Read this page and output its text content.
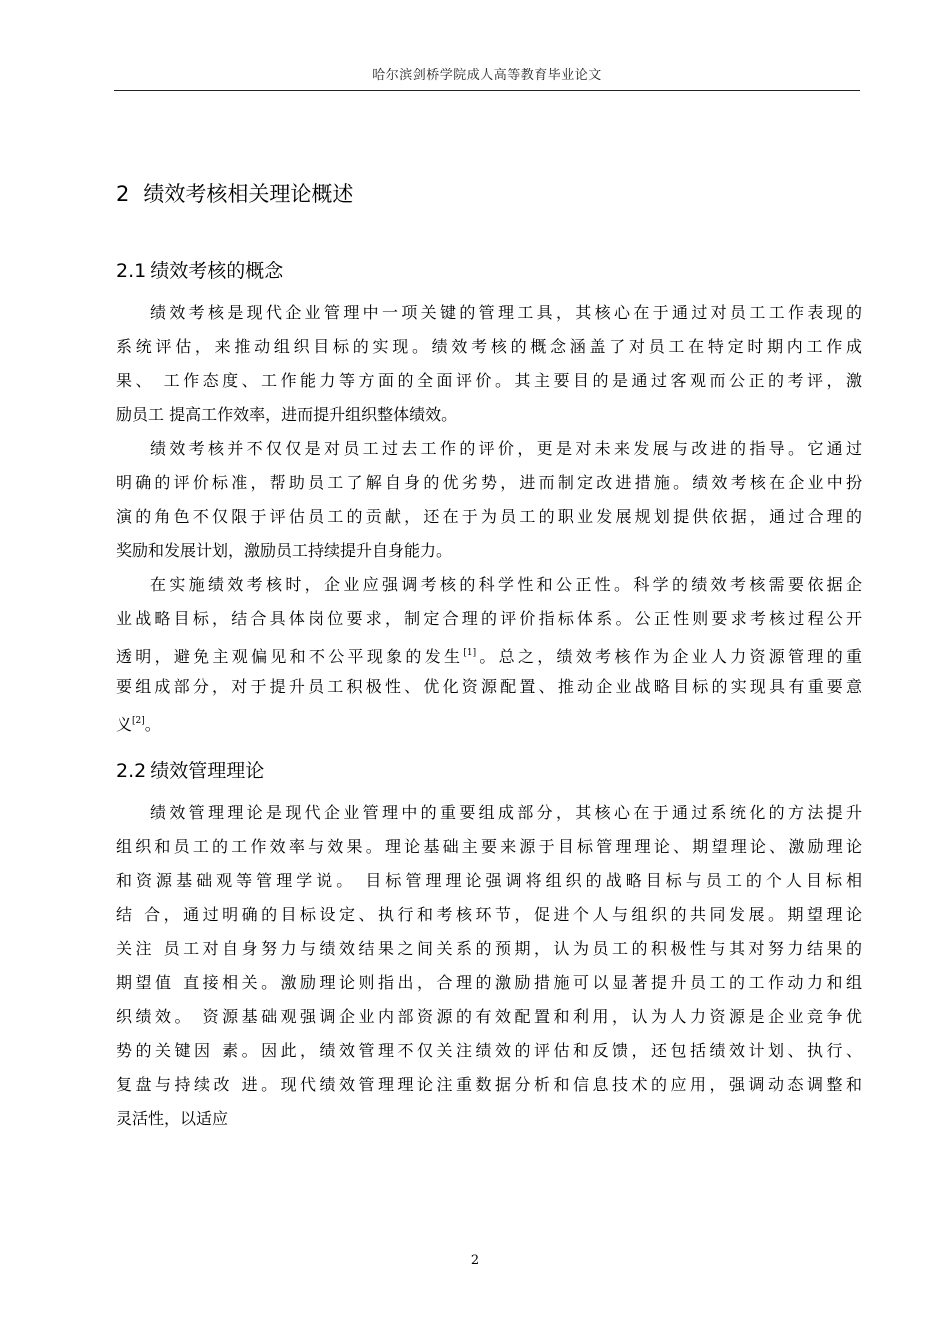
哈尔滨剑桥学院成人高等教育毕业论文
2 绩效考核相关理论概述
2.1 绩效考核的概念
绩效考核是现代企业管理中一项关键的管理工具，其核心在于通过对员工工作表现的
系统评估，来推动组织目标的实现。绩效考核的概念涵盖了对员工在特定时期内工作成
果、 工作态度、工作能力等方面的全面评价。其主要目的是通过客观而公正的考评，激
励员工 提高工作效率，进而提升组织整体绩效。
绩效考核并不仅仅是对员工过去工作的评价，更是对未来发展与改进的指导。它通过
明确的评价标准，帮助员工了解自身的优劣势，进而制定改进措施。绩效考核在企业中扮
演的角色不仅限于评估员工的贡献，还在于为员工的职业发展规划提供依据，通过合理的
奖励和发展计划，激励员工持续提升自身能力。
在实施绩效考核时，企业应强调考核的科学性和公正性。科学的绩效考核需要依据企
业战略目标，结合具体岗位要求，制定合理的评价指标体系。公正性则要求考核过程公开
透明，避免主观偏见和不公平现象的发生[1]。总之，绩效考核作为企业人力资源管理的重
要组成部分，对于提升员工积极性、优化资源配置、推动企业战略目标的实现具有重要意
义[2]。
2.2 绩效管理理论
绩效管理理论是现代企业管理中的重要组成部分，其核心在于通过系统化的方法提升
组织和员工的工作效率与效果。理论基础主要来源于目标管理理论、期望理论、激励理论
和资源基础观等管理学说。 目标管理理论强调将组织的战略目标与员工的个人目标相
结 合，通过明确的目标设定、执行和考核环节，促进个人与组织的共同发展。期望理论
关注 员工对自身努力与绩效结果之间关系的预期，认为员工的积极性与其对努力结果的
期望值 直接相关。激励理论则指出，合理的激励措施可以显著提升员工的工作动力和组
织绩效。 资源基础观强调企业内部资源的有效配置和利用，认为人力资源是企业竞争优
势的关键因 素。因此，绩效管理不仅关注绩效的评估和反馈，还包括绩效计划、执行、
复盘与持续改 进。现代绩效管理理论注重数据分析和信息技术的应用，强调动态调整和
灵活性，以适应
2
